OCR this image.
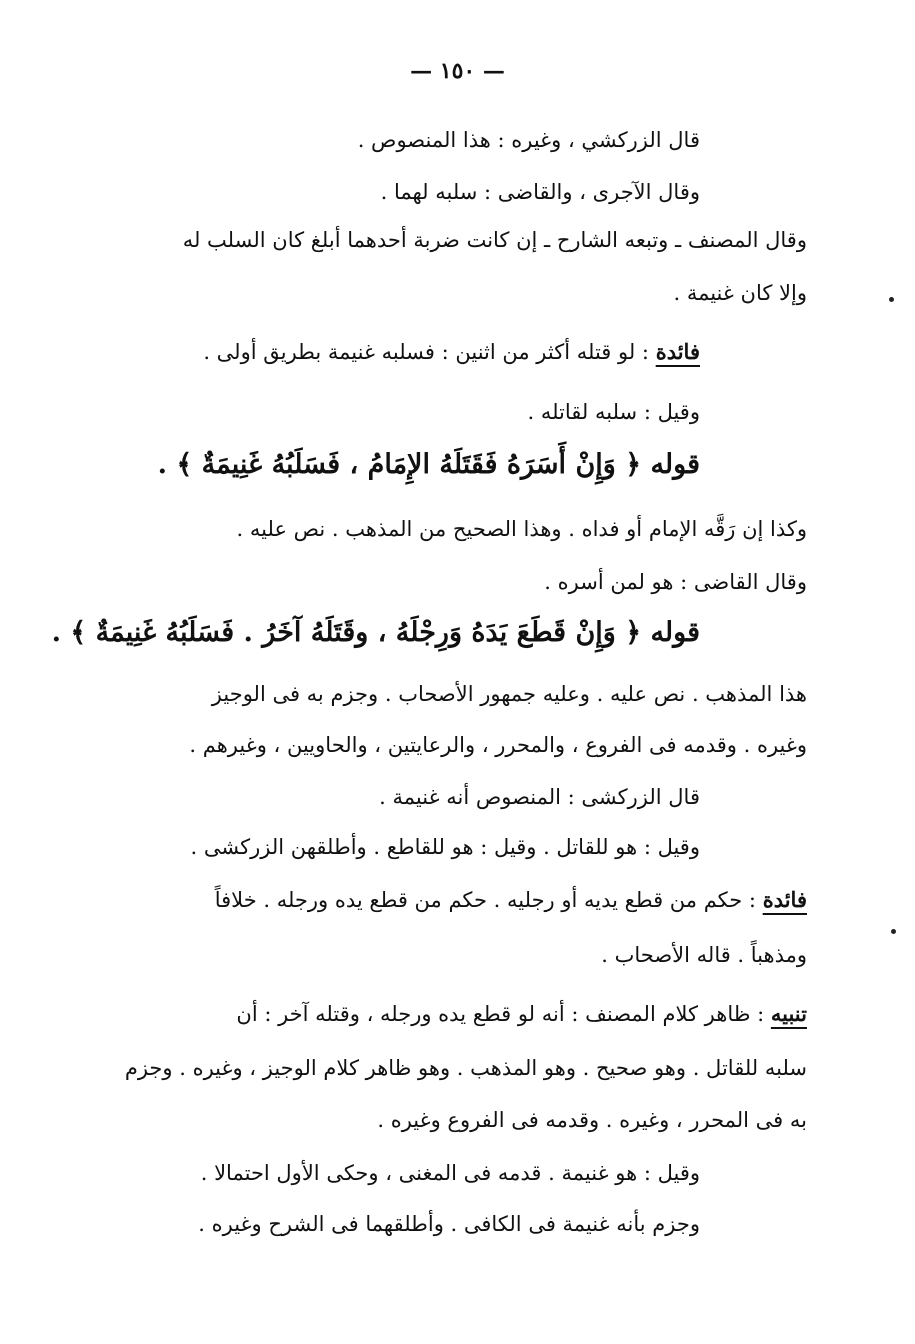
— ١٥٠ —
قال الزركشي ، وغيره : هذا المنصوص .
وقال الآجرى ، والقاضى : سلبه لهما .
وقال المصنف ـ وتبعه الشارح ـ إن كانت ضربة أحدهما أبلغ كان السلب له
وإلا كان غنيمة .
فائدة : لو قتله أكثر من اثنين : فسلبه غنيمة بطريق أولى .
وقيل : سلبه لقاتله .
قوله ﴿ وَإِنْ أَسَرَهُ فَقَتَلَهُ الإِمَامُ ، فَسَلَبُهُ غَنِيمَةٌ ﴾ .
وكذا إن رَقَّه الإمام أو فداه . وهذا الصحيح من المذهب . نص عليه .
وقال القاضى : هو لمن أسره .
قوله ﴿ وَإِنْ قَطَعَ يَدَهُ وَرِجْلَهُ ، وقَتَلَهُ آخَرُ . فَسَلَبُهُ غَنِيمَةٌ ﴾ .
هذا المذهب . نص عليه . وعليه جمهور الأصحاب . وجزم به فى الوجيز
وغيره . وقدمه فى الفروع ، والمحرر ، والرعايتين ، والحاويين ، وغيرهم .
قال الزركشى : المنصوص أنه غنيمة .
وقيل : هو للقاتل . وقيل : هو للقاطع . وأطلقهن الزركشى .
فائدة : حكم من قطع يديه أو رجليه . حكم من قطع يده ورجله . خلافاً
ومذهباً . قاله الأصحاب .
تنبيه : ظاهر كلام المصنف : أنه لو قطع يده ورجله ، وقتله آخر : أن
سلبه للقاتل . وهو صحيح . وهو المذهب . وهو ظاهر كلام الوجيز ، وغيره . وجزم
به فى المحرر ، وغيره . وقدمه فى الفروع وغيره .
وقيل : هو غنيمة . قدمه فى المغنى ، وحكى الأول احتمالا .
وجزم بأنه غنيمة فى الكافى . وأطلقهما فى الشرح وغيره .
